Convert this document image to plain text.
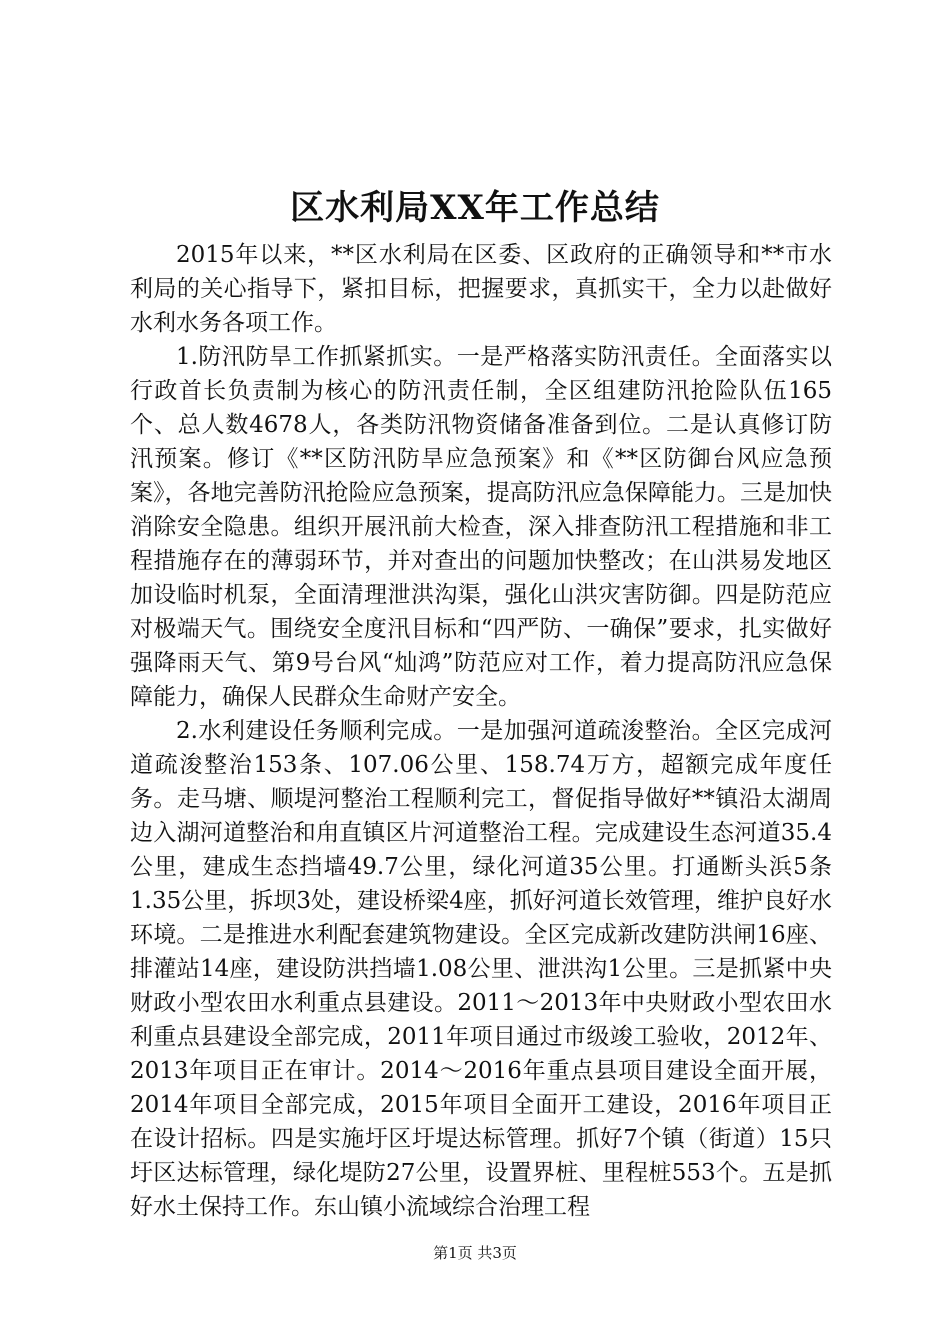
区水利局XX年工作总结

2015年以来，**区水利局在区委、区政府的正确领导和**市水利局的关心指导下，紧扣目标，把握要求，真抓实干，全力以赴做好水利水务各项工作。

1.防汛防旱工作抓紧抓实。一是严格落实防汛责任。全面落实以行政首长负责制为核心的防汛责任制，全区组建防汛抢险队伍165个、总人数4678人，各类防汛物资储备准备到位。二是认真修订防汛预案。修订《**区防汛防旱应急预案》和《**区防御台风应急预案》，各地完善防汛抢险应急预案，提高防汛应急保障能力。三是加快消除安全隐患。组织开展汛前大检查，深入排查防汛工程措施和非工程措施存在的薄弱环节，并对查出的问题加快整改；在山洪易发地区加设临时机泵，全面清理泄洪沟渠，强化山洪灾害防御。四是防范应对极端天气。围绕安全度汛目标和“四严防、一确保”要求，扎实做好强降雨天气、第9号台风“灿鸿”防范应对工作，着力提高防汛应急保障能力，确保人民群众生命财产安全。

2.水利建设任务顺利完成。一是加强河道疏浚整治。全区完成河道疏浚整治153条、107.06公里、158.74万方，超额完成年度任务。走马塘、顺堤河整治工程顺利完工，督促指导做好**镇沿太湖周边入湖河道整治和甪直镇区片河道整治工程。完成建设生态河道35.4公里，建成生态挡墙49.7公里，绿化河道35公里。打通断头浜5条1.35公里，拆坝3处，建设桥梁4座，抓好河道长效管理，维护良好水环境。二是推进水利配套建筑物建设。全区完成新改建防洪闸16座、排灌站14座，建设防洪挡墙1.08公里、泄洪沟1公里。三是抓紧中央财政小型农田水利重点县建设。2011～2013年中央财政小型农田水利重点县建设全部完成，2011年项目通过市级竣工验收，2012年、2013年项目正在审计。2014～2016年重点县项目建设全面开展，2014年项目全部完成，2015年项目全面开工建设，2016年项目正在设计招标。四是实施圩区圩堤达标管理。抓好7个镇（街道）15只圩区达标管理，绿化堤防27公里，设置界桩、里程桩553个。五是抓好水土保持工作。东山镇小流域综合治理工程

第1页 共3页
